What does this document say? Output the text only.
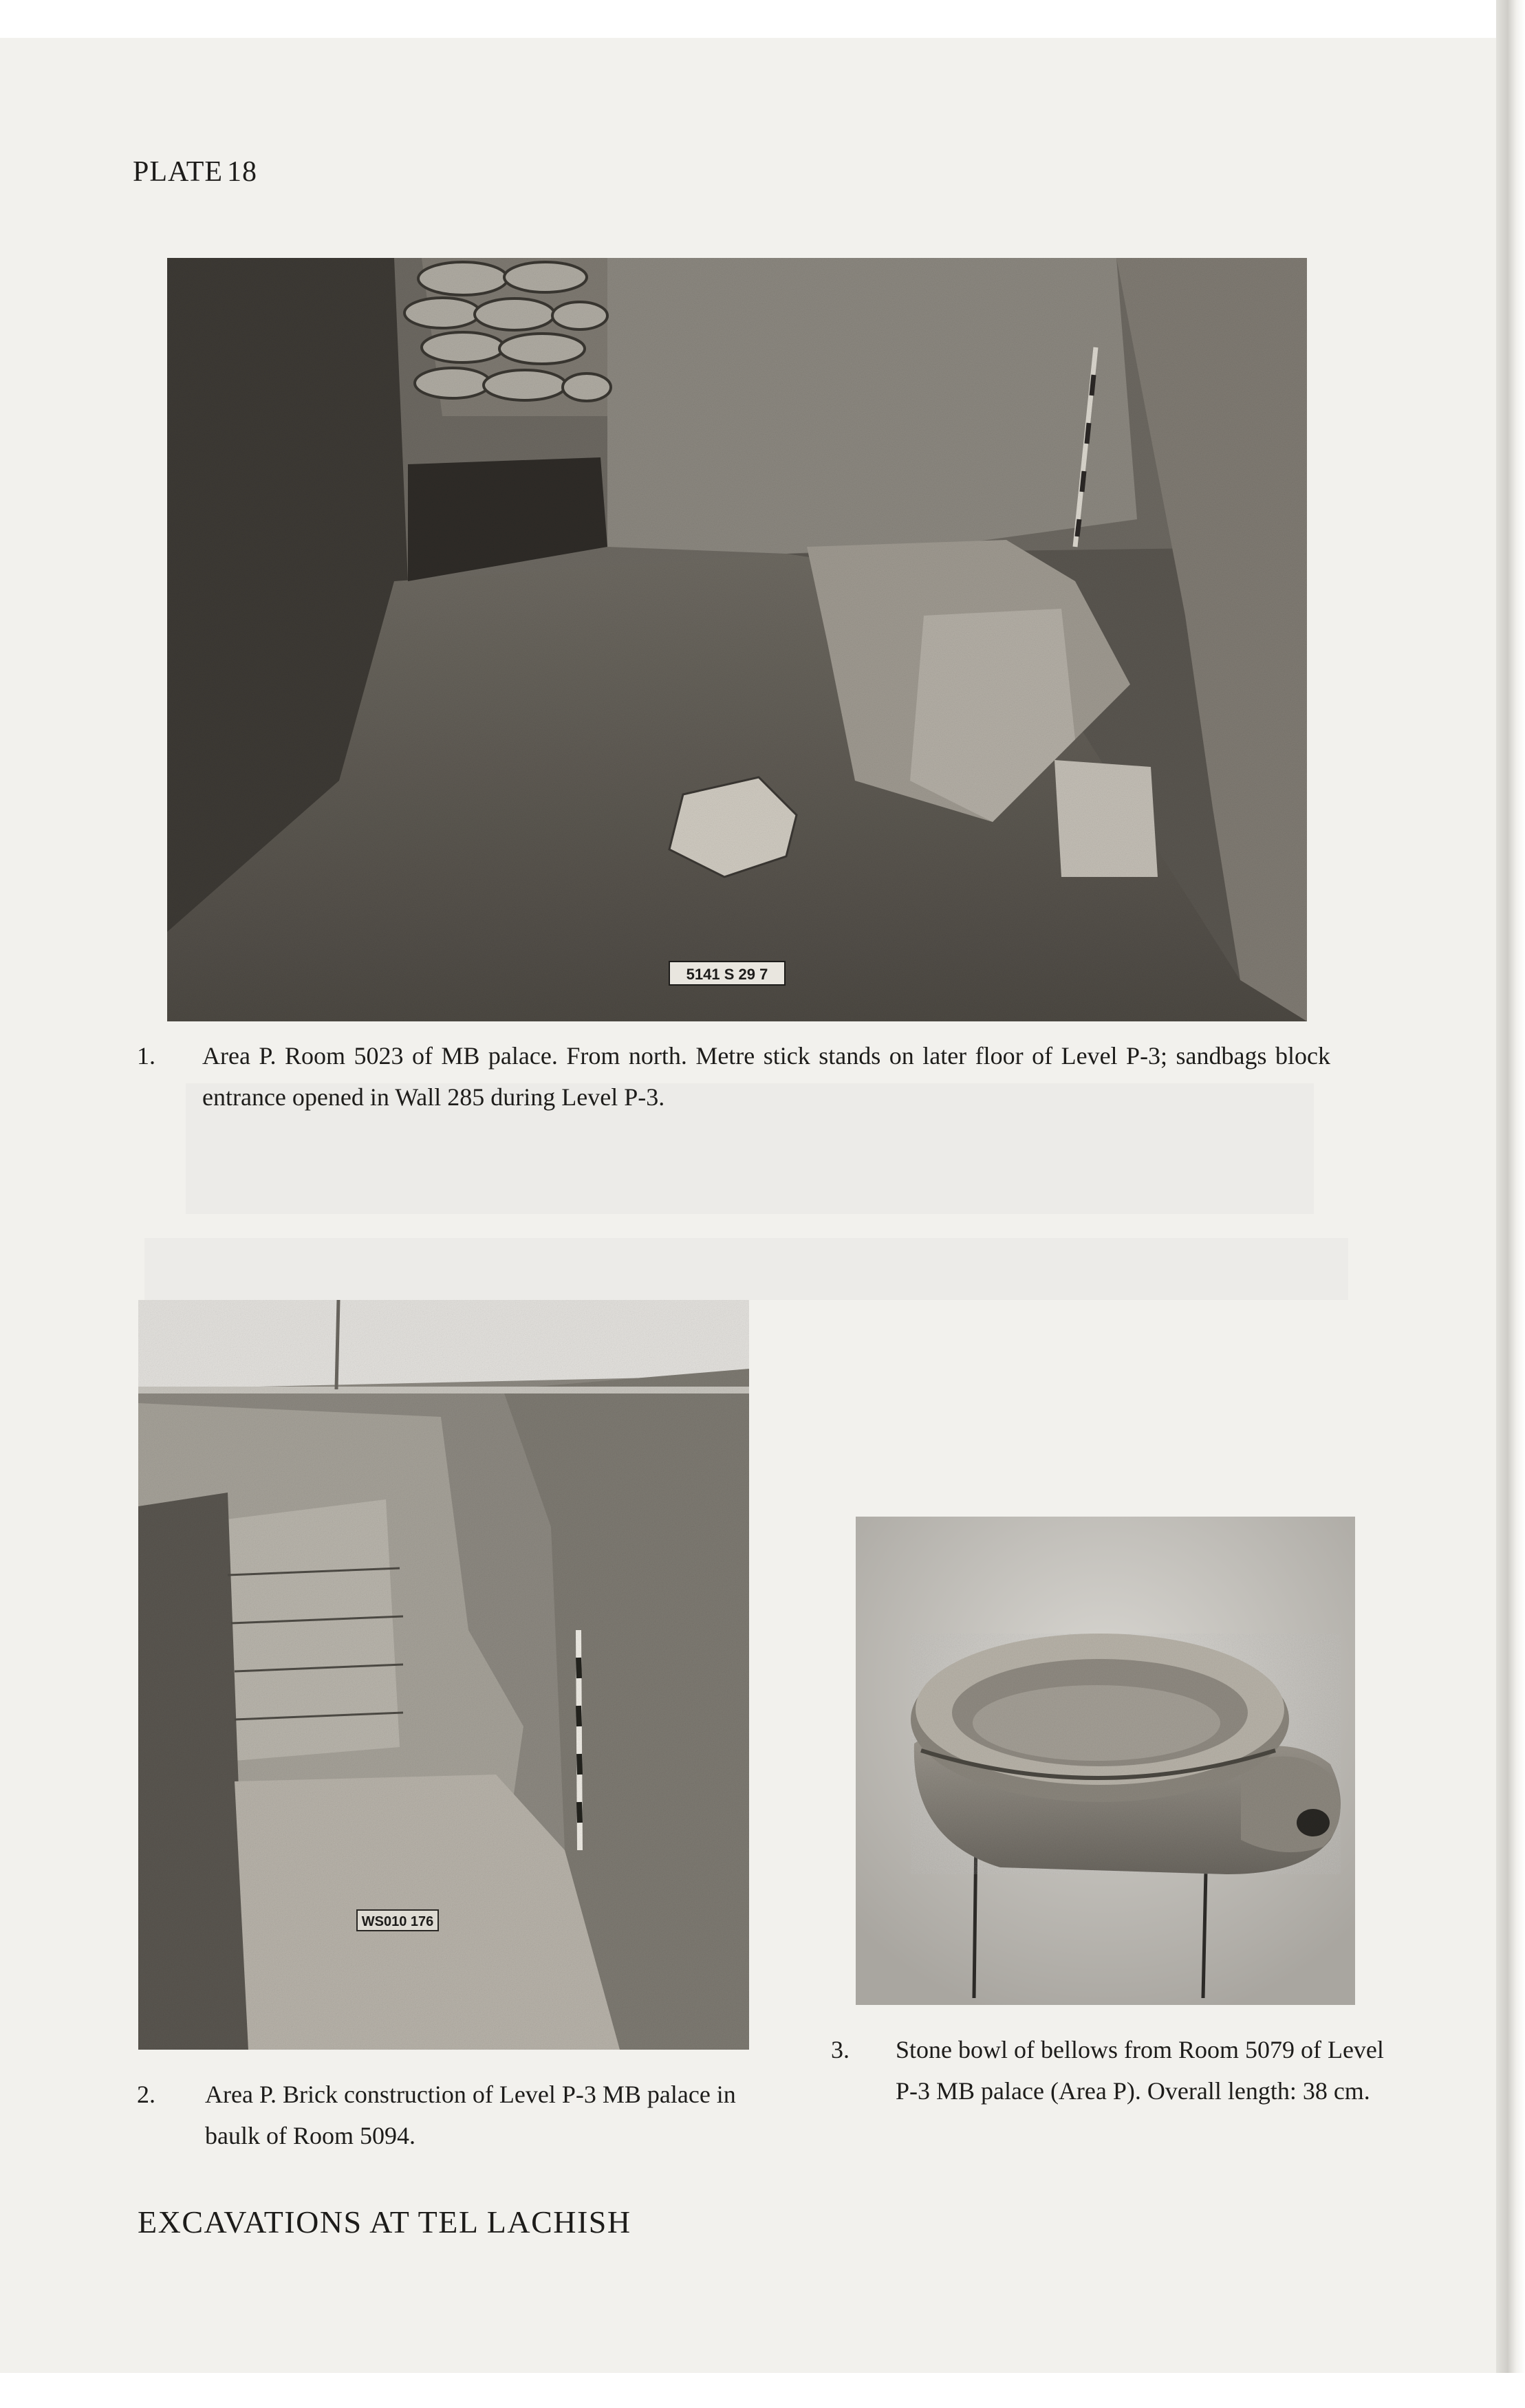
PLATE 18
5141 S 29 7
1. Area P. Room 5023 of MB palace. From north. Metre stick stands on later floor of Level P-3; sandbags block entrance opened in Wall 285 during Level P-3.
WS010 176
2. Area P. Brick construction of Level P-3 MB palace in baulk of Room 5094.
3. Stone bowl of bellows from Room 5079 of Level P-3 MB palace (Area P). Overall length: 38 cm.
EXCAVATIONS AT TEL LACHISH
